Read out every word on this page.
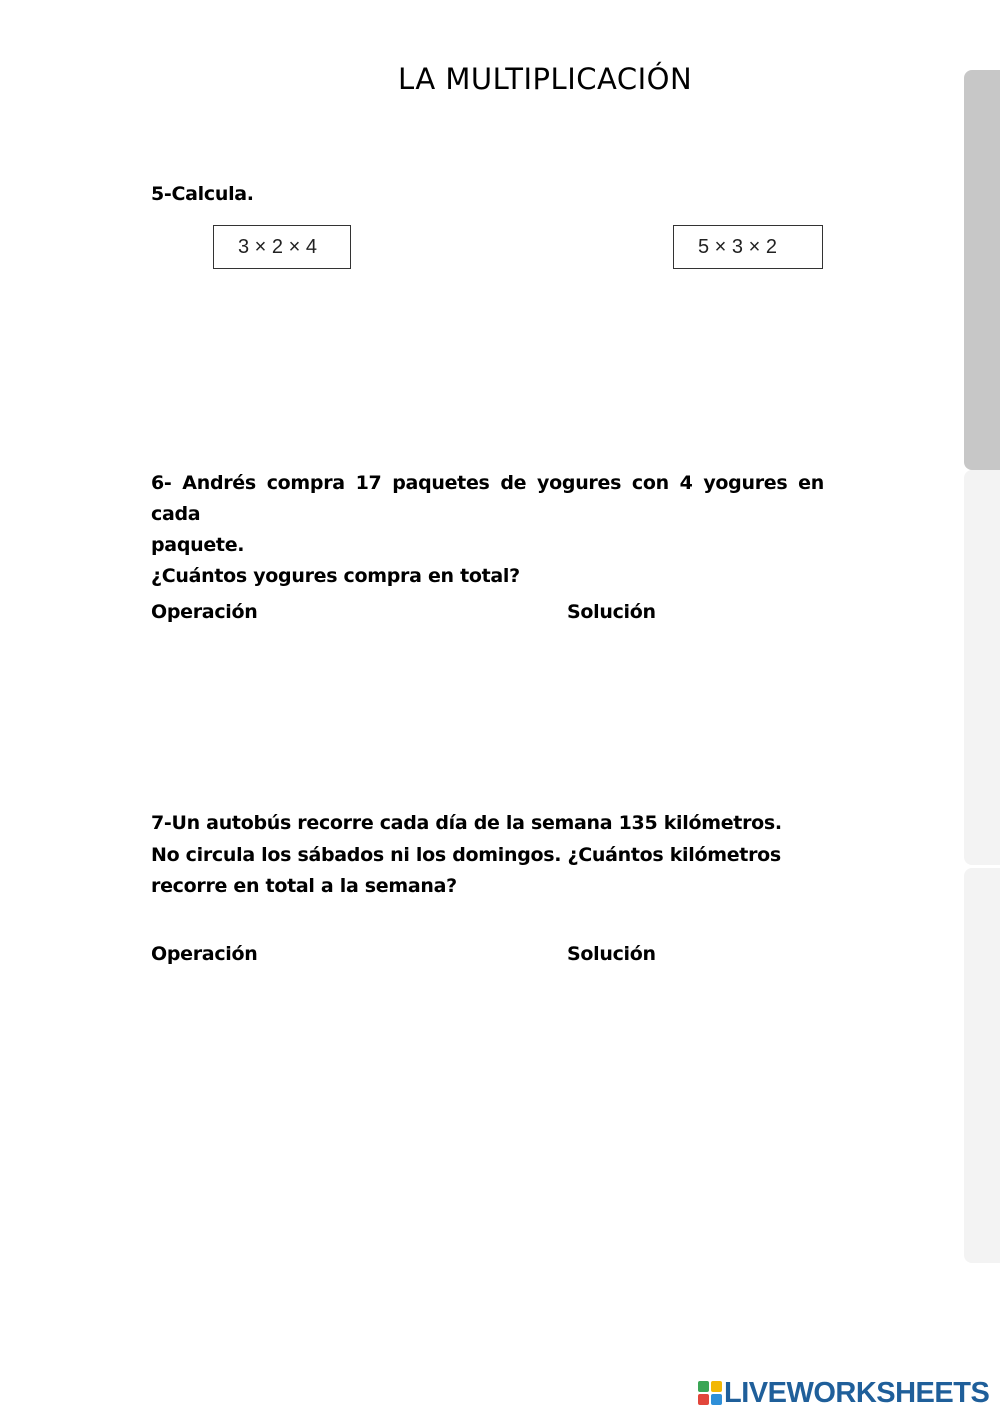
LA MULTIPLICACIÓN
5-Calcula.
3 × 2 × 4	5 × 3 × 2
6- Andrés compra 17 paquetes de yogures con 4 yogures en cada
paquete.
¿Cuántos yogures compra en total?
Operación	Solución
7-Un autobús recorre cada día de la semana 135 kilómetros.
No circula los sábados ni los domingos. ¿Cuántos kilómetros
recorre en total a la semana?
Operación	Solución
LIVEWORKSHEETS
